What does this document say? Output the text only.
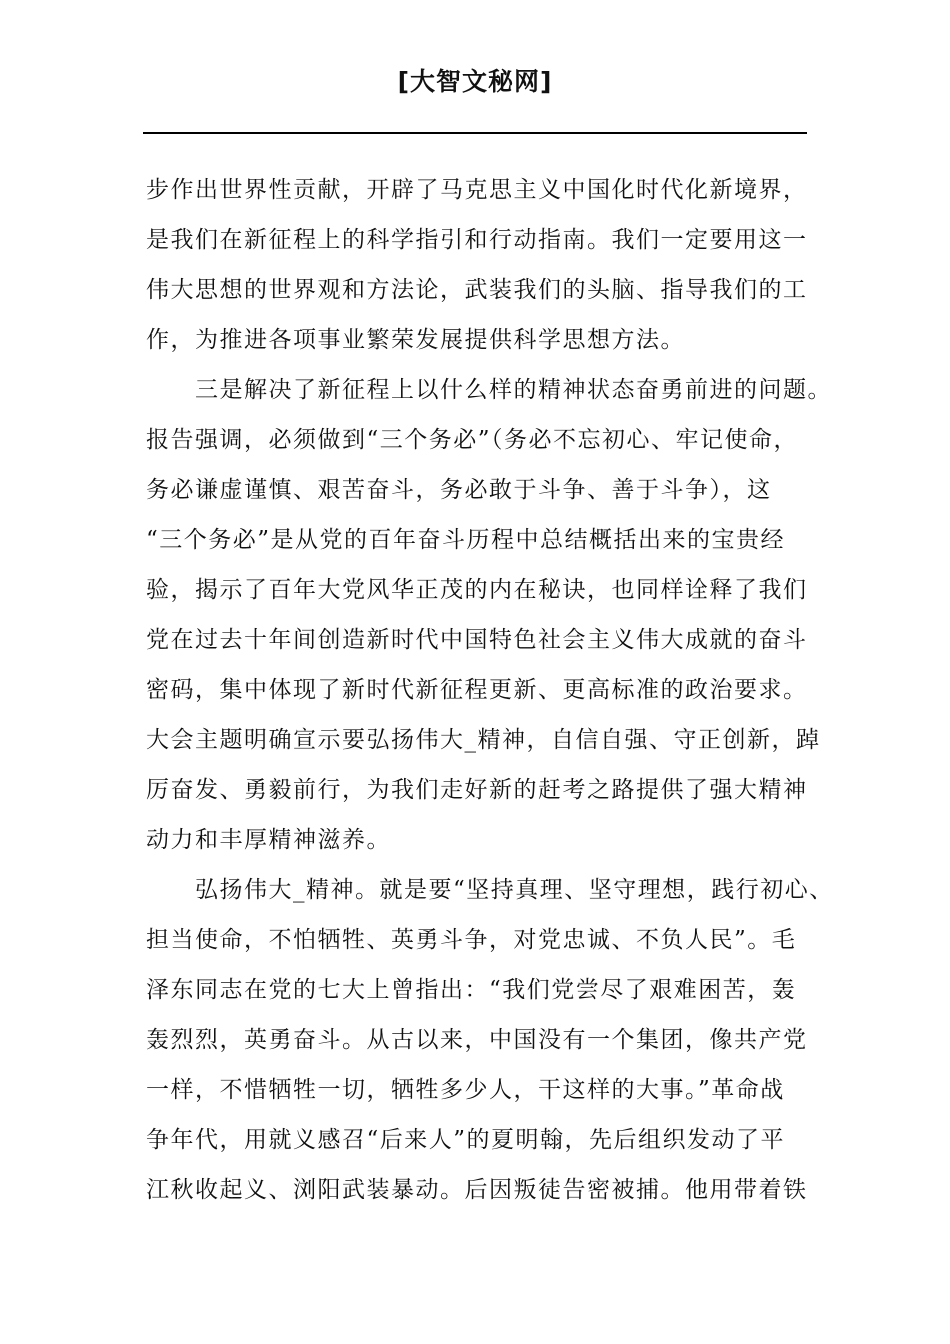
[大智文秘网]
步作出世界性贡献，开辟了马克思主义中国化时代化新境界，
是我们在新征程上的科学指引和行动指南。我们一定要用这一
伟大思想的世界观和方法论，武装我们的头脑、指导我们的工
作，为推进各项事业繁荣发展提供科学思想方法。
　　三是解决了新征程上以什么样的精神状态奋勇前进的问题。
报告强调，必须做到“三个务必”（务必不忘初心、牢记使命，
务必谦虚谨慎、艰苦奋斗，务必敢于斗争、善于斗争），这
“三个务必”是从党的百年奋斗历程中总结概括出来的宝贵经
验，揭示了百年大党风华正茂的内在秘诀，也同样诠释了我们
党在过去十年间创造新时代中国特色社会主义伟大成就的奋斗
密码，集中体现了新时代新征程更新、更高标准的政治要求。
大会主题明确宣示要弘扬伟大_精神，自信自强、守正创新，踔
厉奋发、勇毅前行，为我们走好新的赶考之路提供了强大精神
动力和丰厚精神滋养。
　　弘扬伟大_精神。就是要“坚持真理、坚守理想，践行初心、
担当使命，不怕牺牲、英勇斗争，对党忠诚、不负人民”。毛
泽东同志在党的七大上曾指出：“我们党尝尽了艰难困苦，轰
轰烈烈，英勇奋斗。从古以来，中国没有一个集团，像共产党
一样，不惜牺牲一切，牺牲多少人，干这样的大事。”革命战
争年代，用就义感召“后来人”的夏明翰，先后组织发动了平
江秋收起义、浏阳武装暴动。后因叛徒告密被捕。他用带着铁
